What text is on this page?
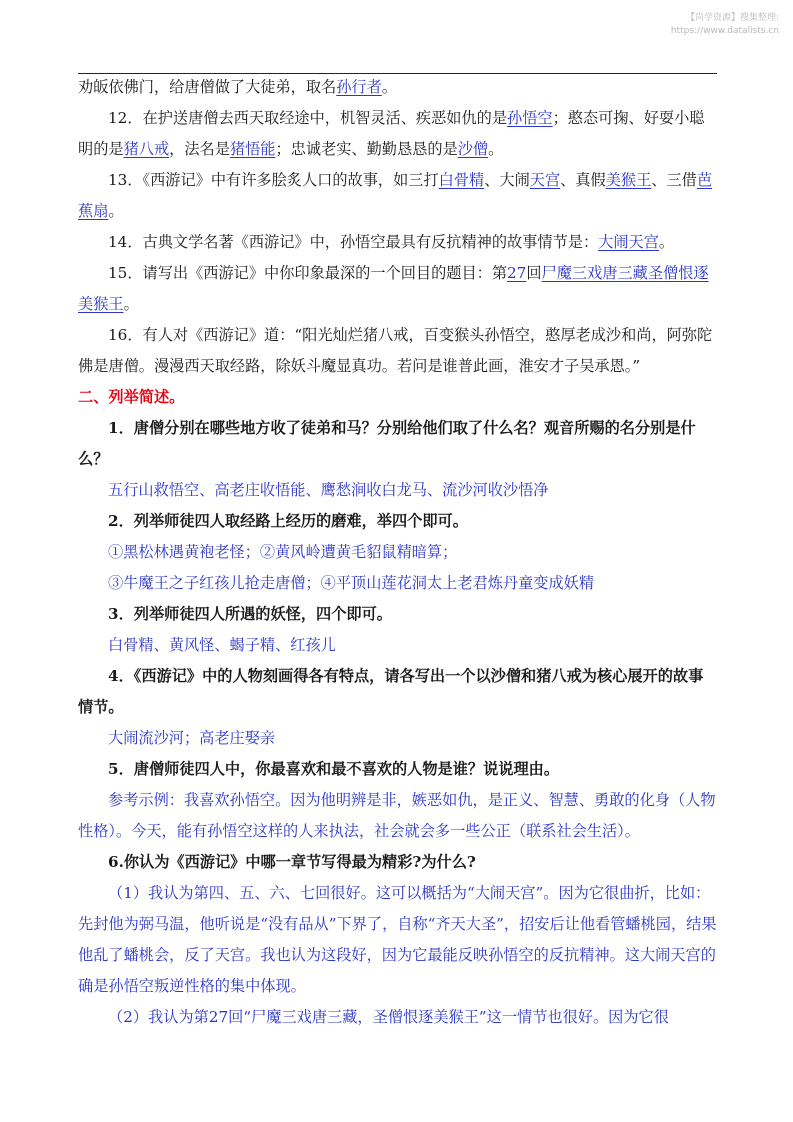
【尚学资源】搜集整理:
https://www.datalists.cn

劝皈依佛门，给唐僧做了大徒弟，取名孙行者。

12．在护送唐僧去西天取经途中，机智灵活、疾恶如仇的是孙悟空；憨态可掬、好耍小聪明的是猪八戒，法名是猪悟能；忠诚老实、勤勤恳恳的是沙僧。

13．《西游记》中有许多脍炙人口的故事，如三打白骨精、大闹天宫、真假美猴王、三借芭蕉扇。

14．古典文学名著《西游记》中，孙悟空最具有反抗精神的故事情节是：大闹天宫。

15．请写出《西游记》中你印象最深的一个回目的题目：第27回尸魔三戏唐三藏圣僧恨逐美猴王。

16．有人对《西游记》道：“阳光灿烂猪八戒，百变猴头孙悟空，憨厚老成沙和尚，阿弥陀佛是唐僧。漫漫西天取经路，除妖斗魔显真功。若问是谁普此画，淮安才子吴承恩。”

二、列举简述。

1．唐僧分别在哪些地方收了徒弟和马？分别给他们取了什么名？观音所赐的名分别是什么？

五行山救悟空、高老庄收悟能、鹰愁涧收白龙马、流沙河收沙悟净

2．列举师徒四人取经路上经历的磨难，举四个即可。

①黑松林遇黄袍老怪；②黄风岭遭黄毛貂鼠精暗算；

③牛魔王之子红孩儿抢走唐僧；④平顶山莲花洞太上老君炼丹童变成妖精

3．列举师徒四人所遇的妖怪，四个即可。

白骨精、黄风怪、蝎子精、红孩儿

4．《西游记》中的人物刻画得各有特点，请各写出一个以沙僧和猪八戒为核心展开的故事情节。

大闹流沙河；高老庄娶亲

5．唐僧师徒四人中，你最喜欢和最不喜欢的人物是谁？说说理由。

参考示例：我喜欢孙悟空。因为他明辨是非，嫉恶如仇，是正义、智慧、勇敢的化身（人物性格）。今天，能有孙悟空这样的人来执法，社会就会多一些公正（联系社会生活）。

6.你认为《西游记》中哪一章节写得最为精彩?为什么?

（1）我认为第四、五、六、七回很好。这可以概括为“大闹天宫”。因为它很曲折，比如：先封他为弼马温，他听说是“没有品从”下界了，自称“齐天大圣”，招安后让他看管蟠桃园，结果他乱了蟠桃会，反了天宫。我也认为这段好，因为它最能反映孙悟空的反抗精神。这大闹天宫的确是孙悟空叛逆性格的集中体现。

（2）我认为第27回“尸魔三戏唐三藏，圣僧恨逐美猴王”这一情节也很好。因为它很
